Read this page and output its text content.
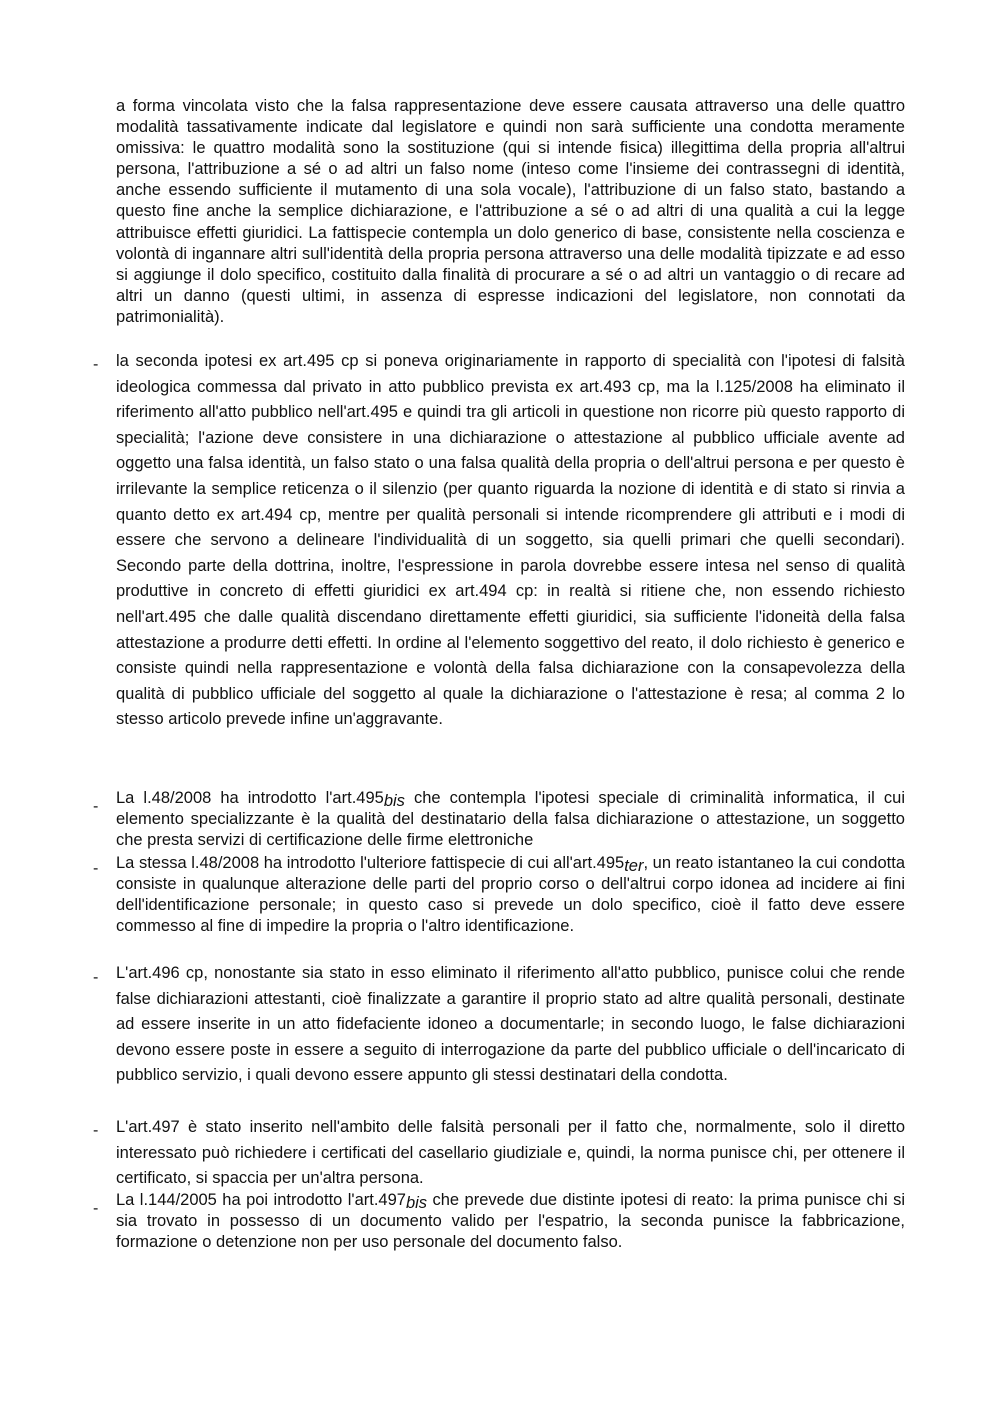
a forma vincolata visto che la falsa rappresentazione deve essere causata attraverso una delle quattro modalità tassativamente indicate dal legislatore e quindi non sarà sufficiente una condotta meramente omissiva: le quattro modalità sono la sostituzione (qui si intende fisica) illegittima della propria all'altrui persona, l'attribuzione a sé o ad altri un falso nome (inteso come l'insieme dei contrassegni di identità, anche essendo sufficiente il mutamento di una sola vocale), l'attribuzione di un falso stato, bastando a questo fine anche la semplice dichiarazione, e l'attribuzione a sé o ad altri di una qualità a cui la legge attribuisce effetti giuridici. La fattispecie contempla un dolo generico di base, consistente nella coscienza e volontà di ingannare altri sull'identità della propria persona attraverso una delle modalità tipizzate e ad esso si aggiunge il dolo specifico, costituito dalla finalità di procurare a sé o ad altri un vantaggio o di recare ad altri un danno (questi ultimi, in assenza di espresse indicazioni del legislatore, non connotati da patrimonialità).

- la seconda ipotesi ex art.495 cp si poneva originariamente in rapporto di specialità con l'ipotesi di falsità ideologica commessa dal privato in atto pubblico prevista ex art.493 cp, ma la l.125/2008 ha eliminato il riferimento all'atto pubblico nell'art.495 e quindi tra gli articoli in questione non ricorre più questo rapporto di specialità; l'azione deve consistere in una dichiarazione o attestazione al pubblico ufficiale avente ad oggetto una falsa identità, un falso stato o una falsa qualità della propria o dell'altrui persona e per questo è irrilevante la semplice reticenza o il silenzio (per quanto riguarda la nozione di identità e di stato si rinvia a quanto detto ex art.494 cp, mentre per qualità personali si intende ricomprendere gli attributi e i modi di essere che servono a delineare l'individualità di un soggetto, sia quelli primari che quelli secondari). Secondo parte della dottrina, inoltre, l'espressione in parola dovrebbe essere intesa nel senso di qualità produttive in concreto di effetti giuridici ex art.494 cp: in realtà si ritiene che, non essendo richiesto nell'art.495 che dalle qualità discendano direttamente effetti giuridici, sia sufficiente l'idoneità della falsa attestazione a produrre detti effetti. In ordine al l'elemento soggettivo del reato, il dolo richiesto è generico e consiste quindi nella rappresentazione e volontà della falsa dichiarazione con la consapevolezza della qualità di pubblico ufficiale del soggetto al quale la dichiarazione o l'attestazione è resa; al comma 2 lo stesso articolo prevede infine un'aggravante.

- La l.48/2008 ha introdotto l'art.495bis che contempla l'ipotesi speciale di criminalità informatica, il cui elemento specializzante è la qualità del destinatario della falsa dichiarazione o attestazione, un soggetto che presta servizi di certificazione delle firme elettroniche

- La stessa l.48/2008 ha introdotto l'ulteriore fattispecie di cui all'art.495ter, un reato istantaneo la cui condotta consiste in qualunque alterazione delle parti del proprio corso o dell'altrui corpo idonea ad incidere ai fini dell'identificazione personale; in questo caso si prevede un dolo specifico, cioè il fatto deve essere commesso al fine di impedire la propria o l'altro identificazione.

- L'art.496 cp, nonostante sia stato in esso eliminato il riferimento all'atto pubblico, punisce colui che rende false dichiarazioni attestanti, cioè finalizzate a garantire il proprio stato ad altre qualità personali, destinate ad essere inserite in un atto fidefaciente idoneo a documentarle; in secondo luogo, le false dichiarazioni devono essere poste in essere a seguito di interrogazione da parte del pubblico ufficiale o dell'incaricato di pubblico servizio, i quali devono essere appunto gli stessi destinatari della condotta.

- L'art.497 è stato inserito nell'ambito delle falsità personali per il fatto che, normalmente, solo il diretto interessato può richiedere i certificati del casellario giudiziale e, quindi, la norma punisce chi, per ottenere il certificato, si spaccia per un'altra persona.

- La l.144/2005 ha poi introdotto l'art.497bis che prevede due distinte ipotesi di reato: la prima punisce chi si sia trovato in possesso di un documento valido per l'espatrio, la seconda punisce la fabbricazione, formazione o detenzione non per uso personale del documento falso.
